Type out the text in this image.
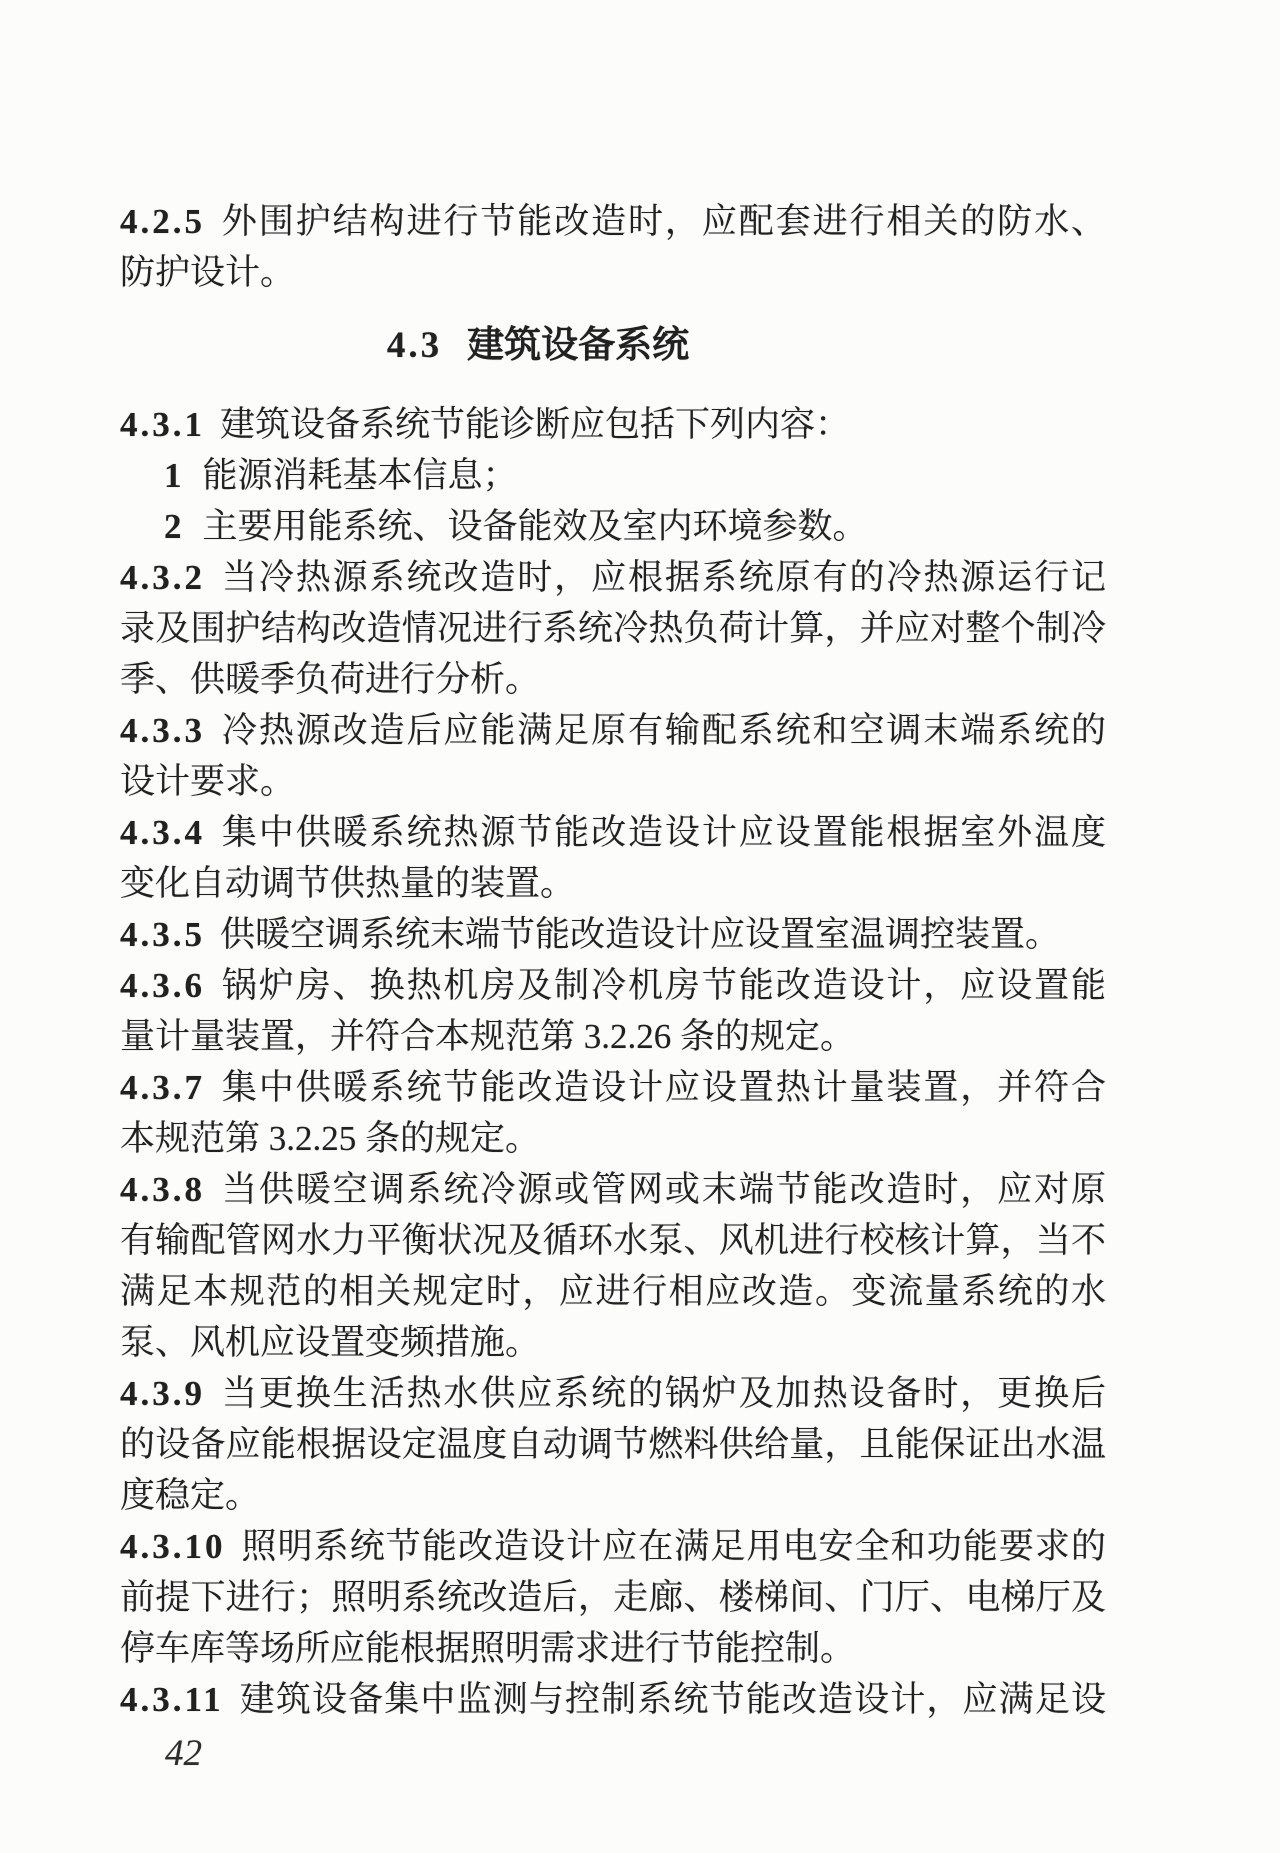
4.2.5 外围护结构进行节能改造时，应配套进行相关的防水、
防护设计。
4.3 建筑设备系统
4.3.1 建筑设备系统节能诊断应包括下列内容：
1 能源消耗基本信息；
2 主要用能系统、设备能效及室内环境参数。
4.3.2 当冷热源系统改造时，应根据系统原有的冷热源运行记
录及围护结构改造情况进行系统冷热负荷计算，并应对整个制冷
季、供暖季负荷进行分析。
4.3.3 冷热源改造后应能满足原有输配系统和空调末端系统的
设计要求。
4.3.4 集中供暖系统热源节能改造设计应设置能根据室外温度
变化自动调节供热量的装置。
4.3.5 供暖空调系统末端节能改造设计应设置室温调控装置。
4.3.6 锅炉房、换热机房及制冷机房节能改造设计，应设置能
量计量装置，并符合本规范第 3.2.26 条的规定。
4.3.7 集中供暖系统节能改造设计应设置热计量装置，并符合
本规范第 3.2.25 条的规定。
4.3.8 当供暖空调系统冷源或管网或末端节能改造时，应对原
有输配管网水力平衡状况及循环水泵、风机进行校核计算，当不
满足本规范的相关规定时，应进行相应改造。变流量系统的水
泵、风机应设置变频措施。
4.3.9 当更换生活热水供应系统的锅炉及加热设备时，更换后
的设备应能根据设定温度自动调节燃料供给量，且能保证出水温
度稳定。
4.3.10 照明系统节能改造设计应在满足用电安全和功能要求的
前提下进行；照明系统改造后，走廊、楼梯间、门厅、电梯厅及
停车库等场所应能根据照明需求进行节能控制。
4.3.11 建筑设备集中监测与控制系统节能改造设计，应满足设
42
